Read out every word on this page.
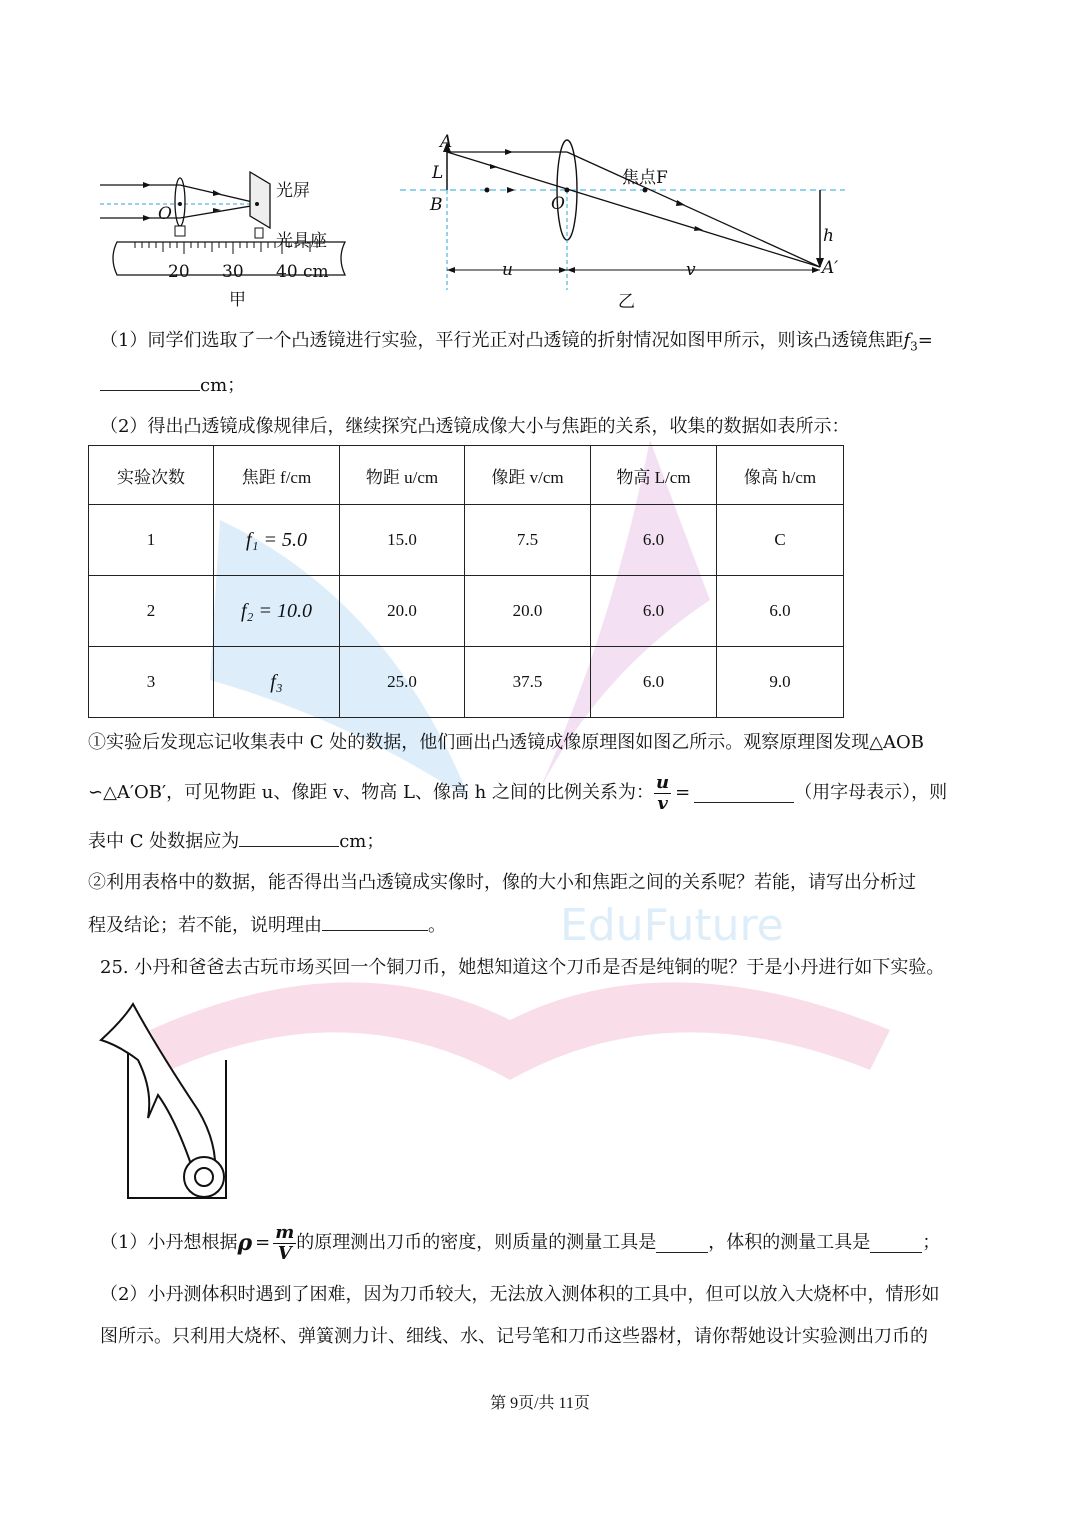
EduFuture
光屏
光具座
O
20 30 40 cm
甲
A
L
B	O
焦点F
h
A′
u	v
乙
（1）同学们选取了一个凸透镜进行实验，平行光正对凸透镜的折射情况如图甲所示，则该凸透镜焦距$f_3=$
cm；
（2）得出凸透镜成像规律后，继续探究凸透镜成像大小与焦距的关系，收集的数据如表所示：
实验次数	焦距 f/cm	物距 u/cm	像距 v/cm	物高 L/cm	像高 h/cm
1	f₁ = 5.0	15.0	7.5	6.0	C
2	f₂ = 10.0	20.0	20.0	6.0	6.0
3	f₃	25.0	37.5	6.0	9.0
①实验后发现忘记收集表中 C 处的数据，他们画出凸透镜成像原理图如图乙所示。观察原理图发现△AOB
∽△A′OB′，可见物距 u、像距 v、物高 L、像高 h 之间的比例关系为： $\frac{u}{v}$ =	（用字母表示），则
表中 C 处数据应为	cm；
②利用表格中的数据，能否得出当凸透镜成实像时，像的大小和焦距之间的关系呢？若能，请写出分析过
程及结论；若不能，说明理由	。
25. 小丹和爸爸去古玩市场买回一个铜刀币，她想知道这个刀币是否是纯铜的呢？于是小丹进行如下实验。
（1）小丹想根据 $\rho = \frac{m}{V}$ 的原理测出刀币的密度，则质量的测量工具是	，体积的测量工具是	；
（2）小丹测体积时遇到了困难，因为刀币较大，无法放入测体积的工具中，但可以放入大烧杯中，情形如
图所示。只利用大烧杯、弹簧测力计、细线、水、记号笔和刀币这些器材，请你帮她设计实验测出刀币的
第 9页/共 11页
